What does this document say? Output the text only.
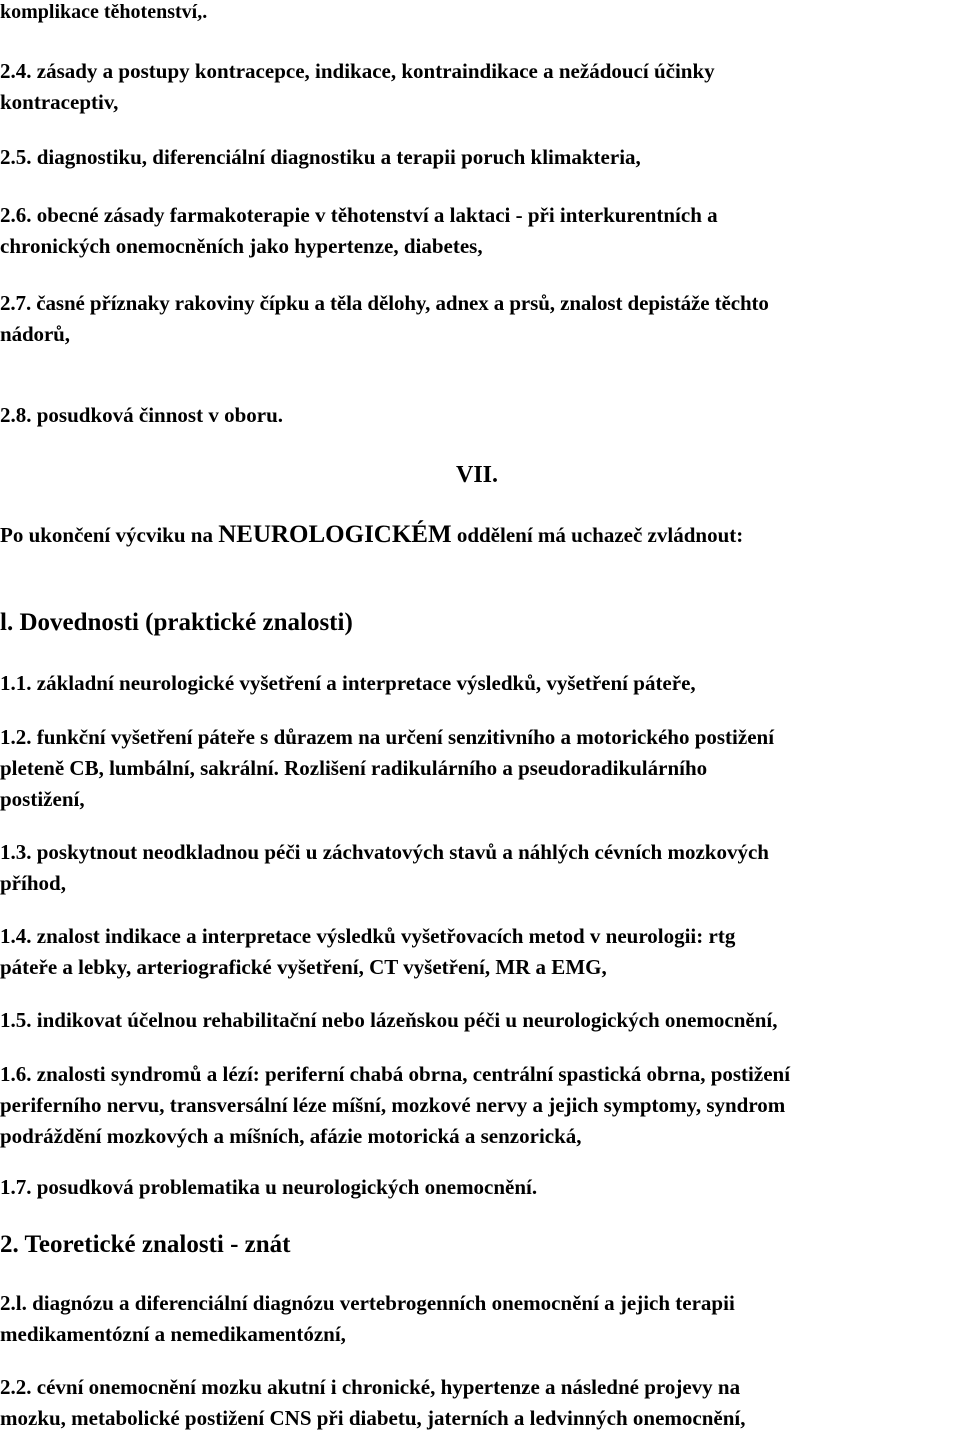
komplikace těhotenství,.

2.4. zásady a postupy kontracepce, indikace, kontraindikace a nežádoucí účinky
kontraceptiv,

2.5. diagnostiku, diferenciální diagnostiku a terapii poruch klimakteria,

2.6. obecné zásady farmakoterapie v těhotenství a laktaci - při interkurentních a
chronických onemocněních jako hypertenze, diabetes,

2.7. časné příznaky rakoviny čípku a těla dělohy, adnex a prsů, znalost depistáže těchto
nádorů,

2.8. posudková činnost v oboru.

VII.

Po ukončení výcviku na NEUROLOGICKÉM oddělení má uchazeč zvládnout:

l. Dovednosti (praktické znalosti)

1.1. základní neurologické vyšetření a interpretace výsledků, vyšetření páteře,

1.2. funkční vyšetření páteře s důrazem na určení senzitivního a motorického postižení
pleteně CB, lumbální, sakrální. Rozlišení radikulárního a pseudoradikulárního
postižení,

1.3. poskytnout neodkladnou péči u záchvatových stavů a náhlých cévních mozkových
příhod,

1.4. znalost indikace a interpretace výsledků vyšetřovacích metod v neurologii: rtg
páteře a lebky, arteriografické vyšetření, CT vyšetření, MR a EMG,

1.5. indikovat účelnou rehabilitační nebo lázeňskou péči u neurologických onemocnění,

1.6. znalosti syndromů a lézí: periferní chabá obrna, centrální spastická obrna, postižení
periferního nervu, transversální léze míšní, mozkové nervy a jejich symptomy, syndrom
podráždění mozkových a míšních, afázie motorická a senzorická,

1.7. posudková problematika u neurologických onemocnění.

2. Teoretické znalosti - znát

2.l. diagnózu a diferenciální diagnózu vertebrogenních onemocnění a jejich terapii
medikamentózní a nemedikamentózní,

2.2. cévní onemocnění mozku akutní i chronické, hypertenze a následné projevy na
mozku, metabolické postižení CNS při diabetu, jaterních a ledvinných onemocnění,
